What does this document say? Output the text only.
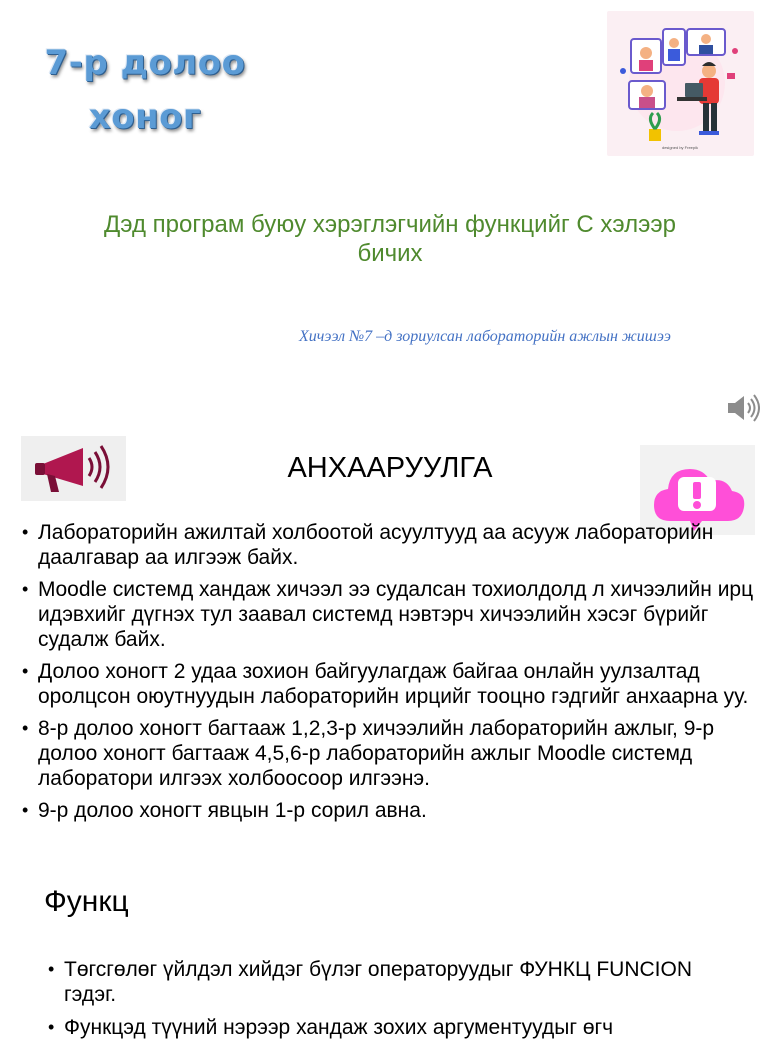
7-р долоо
хоног
designed by Freepik
Дэд програм буюу хэрэглэгчийн функцийг С хэлээр бичих
Хичээл №7 –д зориулсан лабораторийн ажлын жишээ
АНХААРУУЛГА
• Лабораторийн ажилтай холбоотой асуултууд аа асууж лабораторийн даалгавар аа илгээж байх.
• Moodle системд хандаж хичээл ээ судалсан тохиолдолд л хичээлийн ирц идэвхийг дүгнэх тул заавал системд нэвтэрч хичээлийн хэсэг бүрийг судалж байх.
• Долоо хоногт 2 удаа зохион байгуулагдаж байгаа онлайн уулзалтад оролцсон оюутнуудын лабораторийн ирцийг тооцно гэдгийг анхаарна уу.
• 8-р долоо хоногт багтааж 1,2,3-р хичээлийн лабораторийн ажлыг, 9-р долоо хоногт багтааж 4,5,6-р лабораторийн ажлыг Moodle системд лаборатори илгээх холбоосоор илгээнэ.
• 9-р долоо хоногт явцын 1-р сорил авна.
Функц
• Төгсгөлөг үйлдэл хийдэг бүлэг операторуудыг ФУНКЦ FUNCION гэдэг.
• Функцэд түүний нэрээр хандаж зохих аргументуудыг өгч
